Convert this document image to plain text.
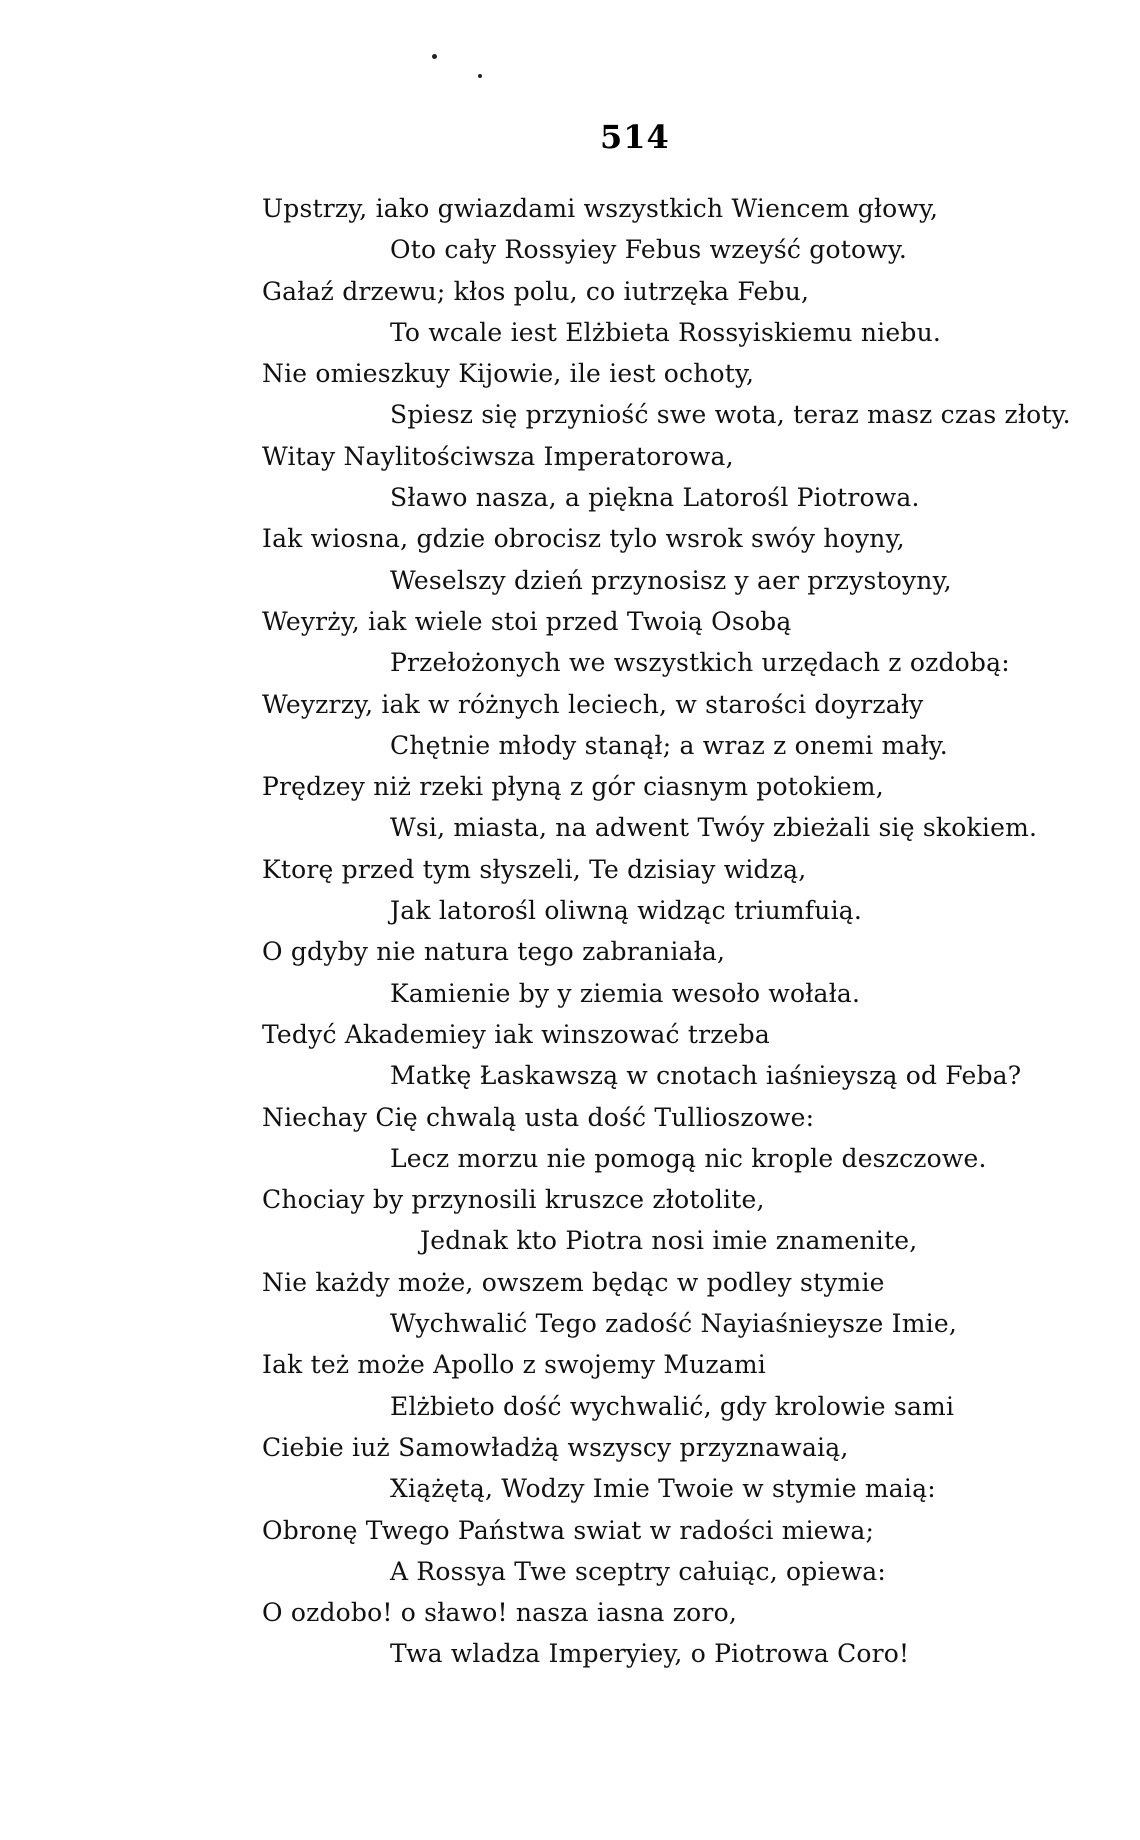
514
Upstrzy, iako gwiazdami wszystkich Wiencem głowy,
Oto cały Rossyiey Febus wzeyść gotowy.
Gałaź drzewu; kłos polu, co iutrzęka Febu,
To wcale iest Elżbieta Rossyiskiemu niebu.
Nie omieszkuy Kijowie, ile iest ochoty,
Spiesz się przyniość swe wota, teraz masz czas złoty.
Witay Naylitościwsza Imperatorowa,
Sławo nasza, a piękna Latorośl Piotrowa.
Iak wiosna, gdzie obrocisz tylo wsrok swóy hoyny,
Weselszy dzień przynosisz y aer przystoyny,
Weyrży, iak wiele stoi przed Twoią Osobą
Przełożonych we wszystkich urzędach z ozdobą:
Weyzrzy, iak w różnych leciech, w starości doyrzały
Chętnie młody stanął; a wraz z onemi mały.
Prędzey niż rzeki płyną z gór ciasnym potokiem,
Wsi, miasta, na adwent Twóy zbieżali się skokiem.
Ktorę przed tym słyszeli, Te dzisiay widzą,
Jak latorośl oliwną widząc triumfuią.
O gdyby nie natura tego zabraniała,
Kamienie by y ziemia wesoło wołała.
Tedyć Akademiey iak winszować trzeba
Matkę Łaskawszą w cnotach iaśnieyszą od Feba?
Niechay Cię chwalą usta dość Tullioszowe:
Lecz morzu nie pomogą nic krople deszczowe.
Chociay by przynosili kruszce złotolite,
Jednak kto Piotra nosi imie znamenite,
Nie każdy może, owszem będąc w podley stymie
Wychwalić Tego zadość Nayiaśnieysze Imie,
Iak też może Apollo z swojemy Muzami
Elżbieto dość wychwalić, gdy krolowie sami
Ciebie iuż Samowładżą wszyscy przyznawaią,
Xiążętą, Wodzy Imie Twoie w stymie maią:
Obronę Twego Państwa swiat w radości miewa;
A Rossya Twe sceptry całuiąc, opiewa:
O ozdobo! o sławo! nasza iasna zoro,
Twa wladza Imperyiey, o Piotrowa Coro!
